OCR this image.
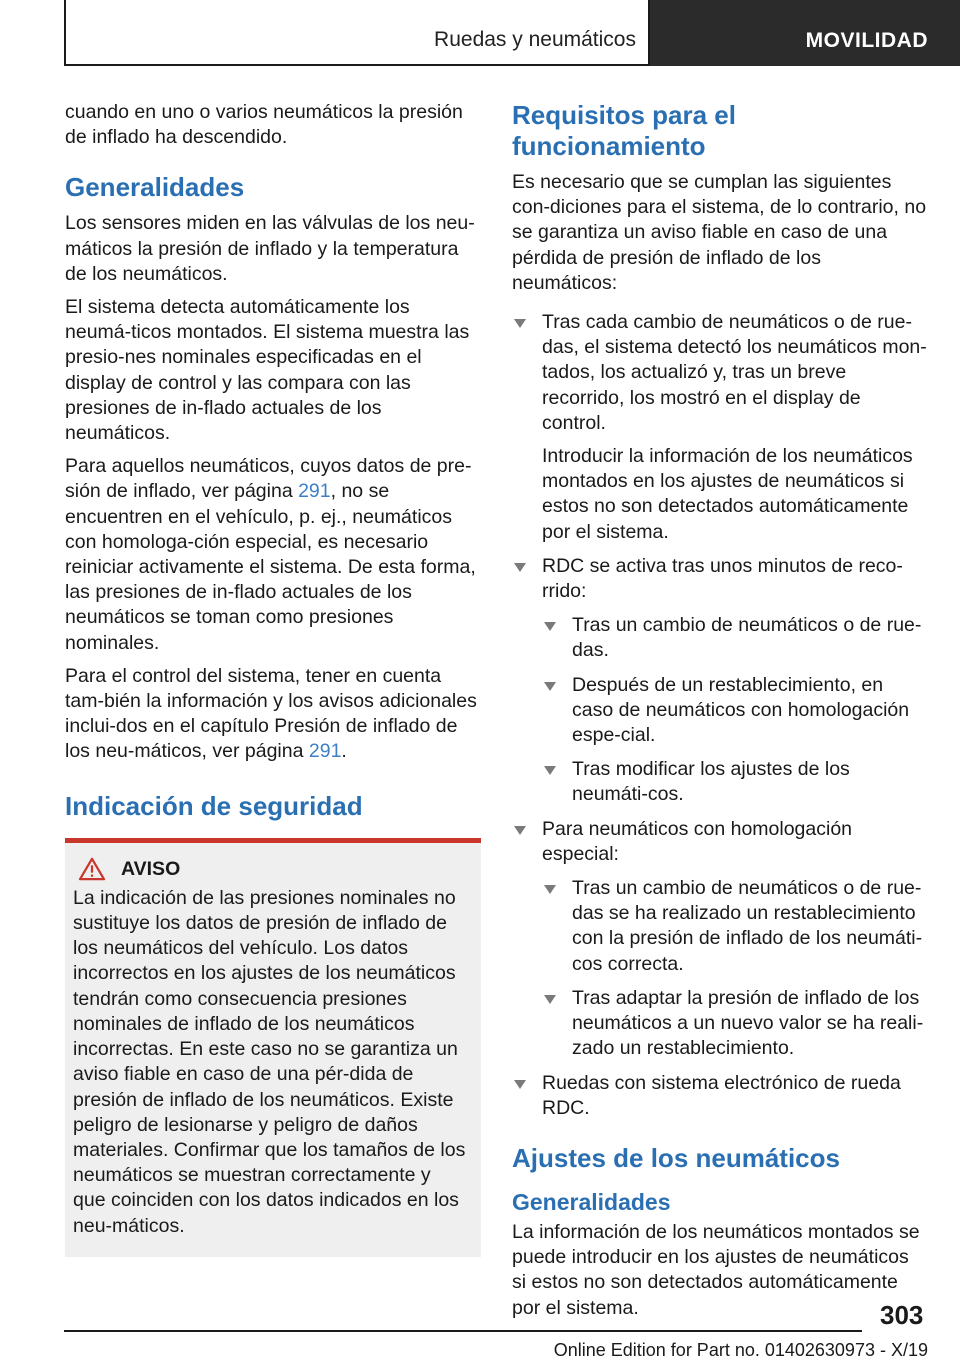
Ruedas y neumáticos	MOVILIDAD

cuando en uno o varios neumáticos la presión de inflado ha descendido.

Generalidades

Los sensores miden en las válvulas de los neu-máticos la presión de inflado y la temperatura de los neumáticos.

El sistema detecta automáticamente los neumá-ticos montados. El sistema muestra las presio-nes nominales especificadas en el display de control y las compara con las presiones de in-flado actuales de los neumáticos.

Para aquellos neumáticos, cuyos datos de pre-sión de inflado, ver página 291, no se encuentren en el vehículo, p. ej., neumáticos con homologa-ción especial, es necesario reiniciar activamente el sistema. De esta forma, las presiones de in-flado actuales de los neumáticos se toman como presiones nominales.

Para el control del sistema, tener en cuenta tam-bién la información y los avisos adicionales inclui-dos en el capítulo Presión de inflado de los neu-máticos, ver página 291.

Indicación de seguridad
AVISO

La indicación de las presiones nominales no sustituye los datos de presión de inflado de los neumáticos del vehículo. Los datos incorrectos en los ajustes de los neumáticos tendrán como consecuencia presiones nominales de inflado de los neumáticos incorrectas. En este caso no se garantiza un aviso fiable en caso de una pér-dida de presión de inflado de los neumáticos. Existe peligro de lesionarse y peligro de daños materiales. Confirmar que los tamaños de los neumáticos se muestran correctamente y que coinciden con los datos indicados en los neu-máticos.

Requisitos para el funcionamiento

Es necesario que se cumplan las siguientes con-diciones para el sistema, de lo contrario, no se garantiza un aviso fiable en caso de una pérdida de presión de inflado de los neumáticos:

Tras cada cambio de neumáticos o de rue-das, el sistema detectó los neumáticos mon-tados, los actualizó y, tras un breve recorrido, los mostró en el display de control.

Introducir la información de los neumáticos montados en los ajustes de neumáticos si estos no son detectados automáticamente por el sistema.

RDC se activa tras unos minutos de reco-rrido:
Tras un cambio de neumáticos o de rue-das.
Después de un restablecimiento, en caso de neumáticos con homologación espe-cial.
Tras modificar los ajustes de los neumáti-cos.
Para neumáticos con homologación especial:
Tras un cambio de neumáticos o de rue-das se ha realizado un restablecimiento con la presión de inflado de los neumáti-cos correcta.
Tras adaptar la presión de inflado de los neumáticos a un nuevo valor se ha reali-zado un restablecimiento.
Ruedas con sistema electrónico de rueda RDC.
Ajustes de los neumáticos
Generalidades

La información de los neumáticos montados se puede introducir en los ajustes de neumáticos si estos no son detectados automáticamente por el sistema.	303
Online Edition for Part no. 01402630973 - X/19
